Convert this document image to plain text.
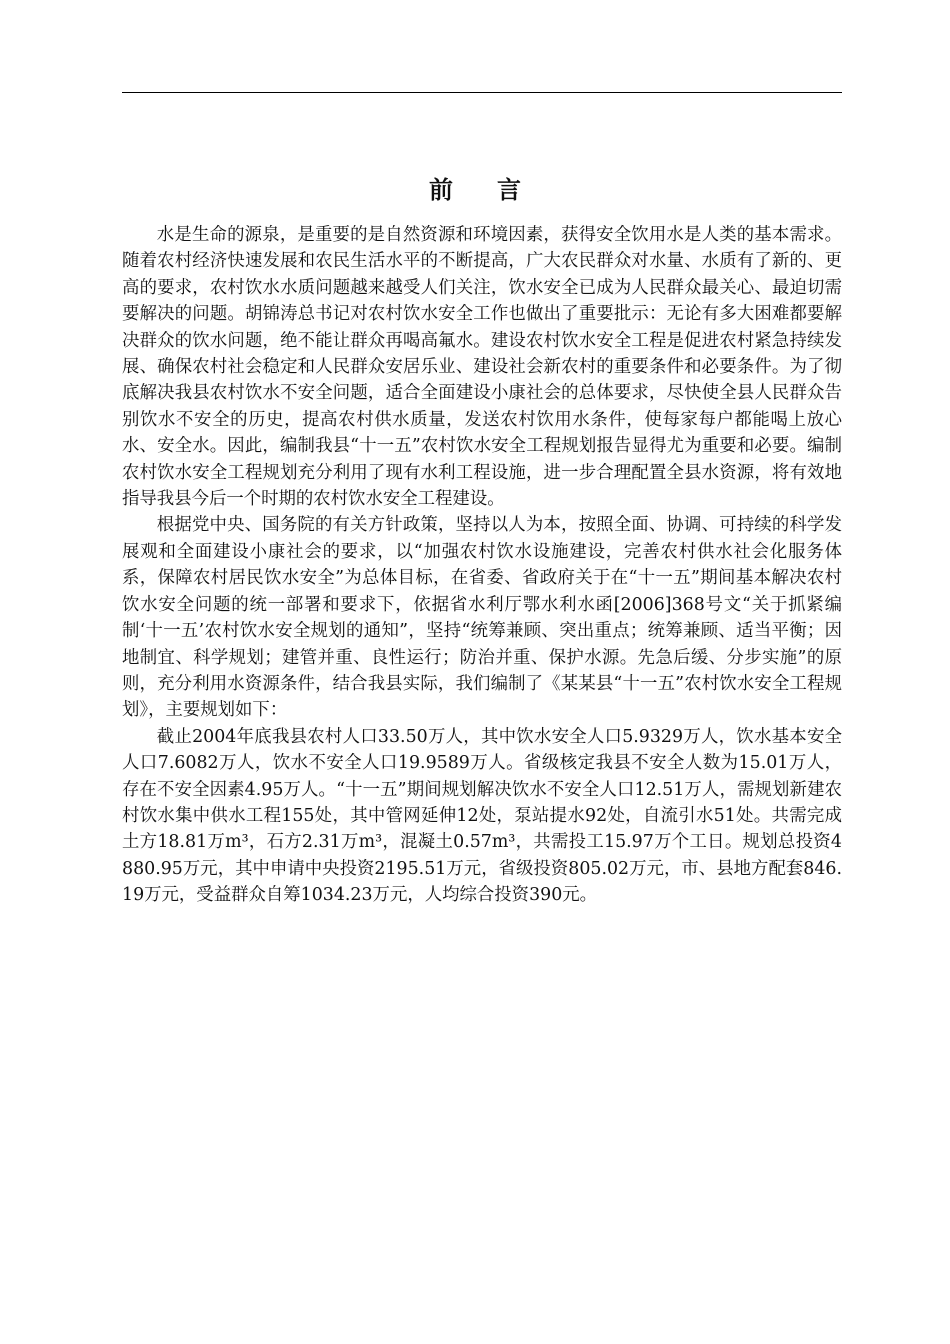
前言

水是生命的源泉，是重要的是自然资源和环境因素，获得安全饮用水是人类的基本需求。随着农村经济快速发展和农民生活水平的不断提高，广大农民群众对水量、水质有了新的、更高的要求，农村饮水水质问题越来越受人们关注，饮水安全已成为人民群众最关心、最迫切需要解决的问题。胡锦涛总书记对农村饮水安全工作也做出了重要批示：无论有多大困难都要解决群众的饮水问题，绝不能让群众再喝高氟水。建设农村饮水安全工程是促进农村紧急持续发展、确保农村社会稳定和人民群众安居乐业、建设社会新农村的重要条件和必要条件。为了彻底解决我县农村饮水不安全问题，适合全面建设小康社会的总体要求，尽快使全县人民群众告别饮水不安全的历史，提高农村供水质量，发送农村饮用水条件，使每家每户都能喝上放心水、安全水。因此，编制我县“十一五”农村饮水安全工程规划报告显得尤为重要和必要。编制农村饮水安全工程规划充分利用了现有水利工程设施，进一步合理配置全县水资源，将有效地指导我县今后一个时期的农村饮水安全工程建设。

根据党中央、国务院的有关方针政策，坚持以人为本，按照全面、协调、可持续的科学发展观和全面建设小康社会的要求，以“加强农村饮水设施建设，完善农村供水社会化服务体系，保障农村居民饮水安全”为总体目标，在省委、省政府关于在“十一五”期间基本解决农村饮水安全问题的统一部署和要求下，依据省水利厅鄂水利水函[2006]368号文“关于抓紧编制‘十一五’农村饮水安全规划的通知”，坚持“统筹兼顾、突出重点；统筹兼顾、适当平衡；因地制宜、科学规划；建管并重、良性运行；防治并重、保护水源。先急后缓、分步实施”的原则，充分利用水资源条件，结合我县实际，我们编制了《某某县“十一五”农村饮水安全工程规划》，主要规划如下：

截止2004年底我县农村人口33.50万人，其中饮水安全人口5.9329万人，饮水基本安全人口7.6082万人，饮水不安全人口19.9589万人。省级核定我县不安全人数为15.01万人，存在不安全因素4.95万人。“十一五”期间规划解决饮水不安全人口12.51万人，需规划新建农村饮水集中供水工程155处，其中管网延伸12处，泵站提水92处，自流引水51处。共需完成土方18.81万m³，石方2.31万m³，混凝土0.57m³，共需投工15.97万个工日。规划总投资4880.95万元，其中申请中央投资2195.51万元，省级投资805.02万元，市、县地方配套846.19万元，受益群众自筹1034.23万元，人均综合投资390元。
